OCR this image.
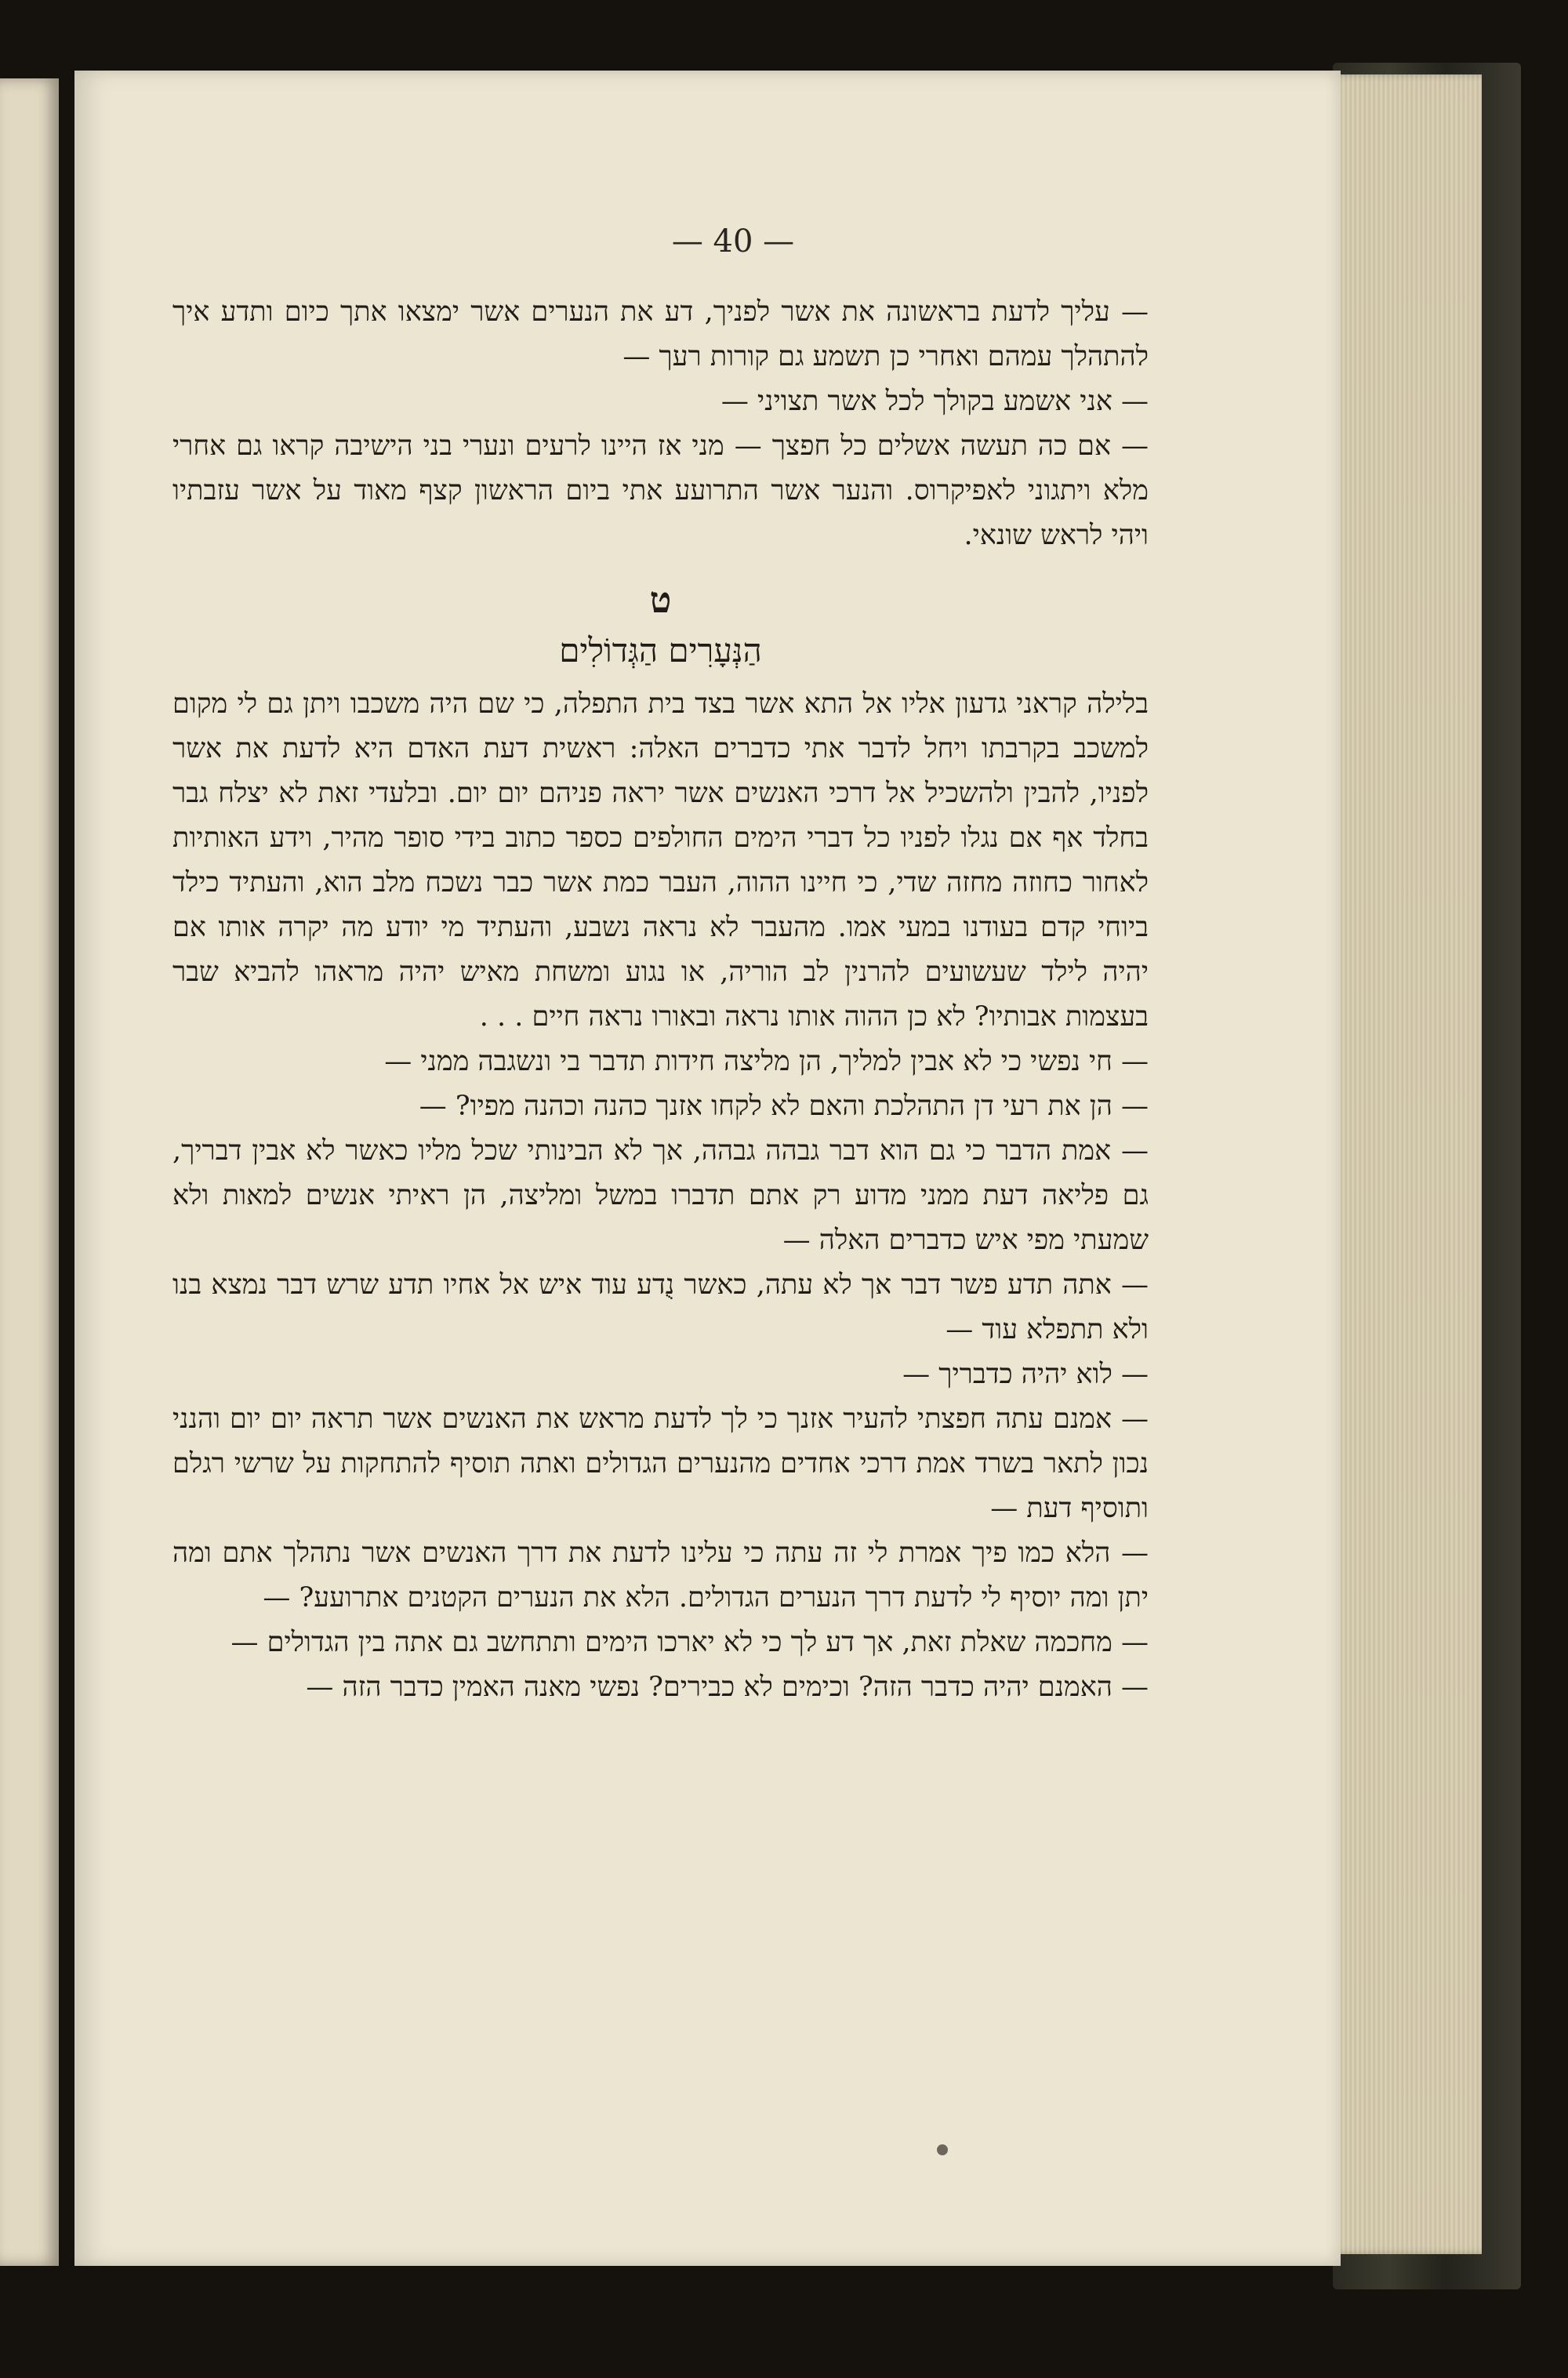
— 40 —

— עליך לדעת בראשונה את אשר לפניך, דע את הנערים אשר ימצאו אתך כיום ותדע איך להתהלך עמהם ואחרי כן תשמע גם קורות רעך —

— אני אשמע בקולך לכל אשר תצויני —

— אם כה תעשה אשלים כל חפצך — מני אז היינו לרעים ונערי בני הישיבה קראו גם אחרי מלא ויתגוני לאפיקרוס. והנער אשר התרועע אתי ביום הראשון קצף מאוד על אשר עזבתיו ויהי לראש שונאי.

ט
הַנְּעָרִים הַגְּדוֹלִים

בלילה קראני גדעון אליו אל התא אשר בצד בית התפלה, כי שם היה משכבו ויתן גם לי מקום למשכב בקרבתו ויחל לדבר אתי כדברים האלה: ראשית דעת האדם היא לדעת את אשר לפניו, להבין ולהשכיל אל דרכי האנשים אשר יראה פניהם יום יום. ובלעדי זאת לא יצלח גבר בחלד אף אם נגלו לפניו כל דברי הימים החולפים כספר כתוב בידי סופר מהיר, וידע האותיות לאחור כחוזה מחזה שדי, כי חיינו ההוה, העבר כמת אשר כבר נשכח מלב הוא, והעתיד כילד ביוחי קדם בעודנו במעי אמו. מהעבר לא נראה נשבע, והעתיד מי יודע מה יקרה אותו אם יהיה לילד שעשועים להרנין לב הוריה, או נגוע ומשחת מאיש יהיה מראהו להביא שבר בעצמות אבותיו? לא כן ההוה אותו נראה ובאורו נראה חיים . . .

— חי נפשי כי לא אבין למליך, הן מליצה חידות תדבר בי ונשגבה ממני —

— הן את רעי דן התהלכת והאם לא לקחו אזנך כהנה וכהנה מפיו? —

— אמת הדבר כי גם הוא דבר גבהה גבהה, אך לא הבינותי שכל מליו כאשר לא אבין דבריך, גם פליאה דעת ממני מדוע רק אתם תדברו במשל ומליצה, הן ראיתי אנשים למאות ולא שמעתי מפי איש כדברים האלה —

— אתה תדע פשר דבר אך לא עתה, כאשר נֻדע עוד איש אל אחיו תדע שרש דבר נמצא בנו ולא תתפלא עוד —

— לוא יהיה כדבריך —

— אמנם עתה חפצתי להעיר אזנך כי לך לדעת מראש את האנשים אשר תראה יום יום והנני נכון לתאר בשרד אמת דרכי אחדים מהנערים הגדולים ואתה תוסיף להתחקות על שרשי רגלם ותוסיף דעת —

— הלא כמו פיך אמרת לי זה עתה כי עלינו לדעת את דרך האנשים אשר נתהלך אתם ומה יתן ומה יוסיף לי לדעת דרך הנערים הגדולים. הלא את הנערים הקטנים אתרועע? —

— מחכמה שאלת זאת, אך דע לך כי לא יארכו הימים ותתחשב גם אתה בין הגדולים —

— האמנם יהיה כדבר הזה? וכימים לא כבירים? נפשי מאנה האמין כדבר הזה —
